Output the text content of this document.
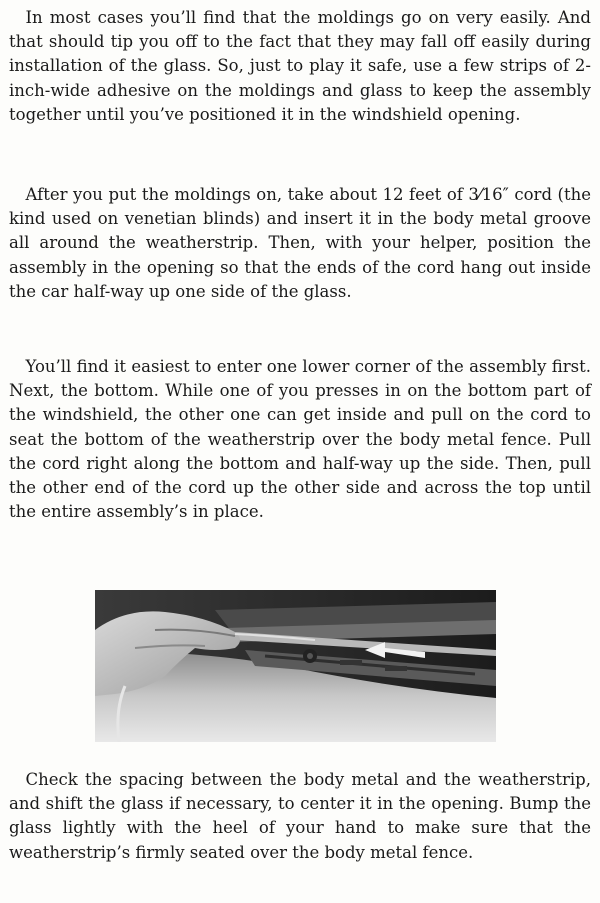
 In most cases you’ll find that the moldings go on very easily. And that should tip you off to the fact that they may fall off easily during installation of the glass. So, just to play it safe, use a few strips of 2-inch-wide adhesive on the moldings and glass to keep the assembly together until you’ve positioned it in the windshield opening.

 After you put the moldings on, take about 12 feet of 3⁄16″ cord (the kind used on venetian blinds) and insert it in the body metal groove all around the weatherstrip. Then, with your helper, position the assembly in the opening so that the ends of the cord hang out inside the car half-way up one side of the glass.

 You’ll find it easiest to enter one lower corner of the assembly first. Next, the bottom. While one of you presses in on the bottom part of the windshield, the other one can get inside and pull on the cord to seat the bottom of the weatherstrip over the body metal fence. Pull the cord right along the bottom and half-way up the side. Then, pull the other end of the cord up the other side and across the top until the entire assembly’s in place.

 Check the spacing between the body metal and the weatherstrip, and shift the glass if necessary, to center it in the opening. Bump the glass lightly with the heel of your hand to make sure that the weatherstrip’s firmly seated over the body metal fence.
